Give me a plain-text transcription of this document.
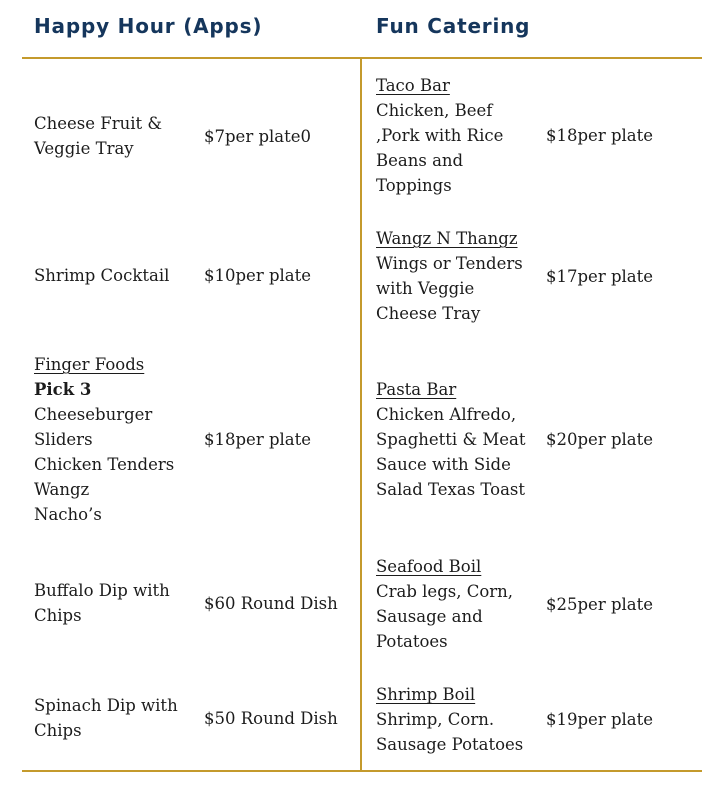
Happy Hour (Apps)	Fun Catering
Cheese Fruit &
Veggie Tray
$7per plate0
Shrimp Cocktail	$10per plate
Finger Foods
Pick 3
Cheeseburger
Sliders
Chicken Tenders
Wangz
Nacho’s
$18per plate
Buffalo Dip with
Chips
$60 Round Dish
Spinach Dip with
Chips
$50 Round Dish
Taco Bar
Chicken, Beef
,Pork with Rice
Beans and
Toppings
$18per plate
Wangz N Thangz
Wings or Tenders
with Veggie
Cheese Tray
$17per plate
Pasta Bar
Chicken Alfredo,
Spaghetti & Meat
Sauce with Side
Salad Texas Toast
$20per plate
Seafood Boil
Crab legs, Corn,
Sausage and
Potatoes
$25per plate
Shrimp Boil
Shrimp, Corn.
Sausage Potatoes
$19per plate
